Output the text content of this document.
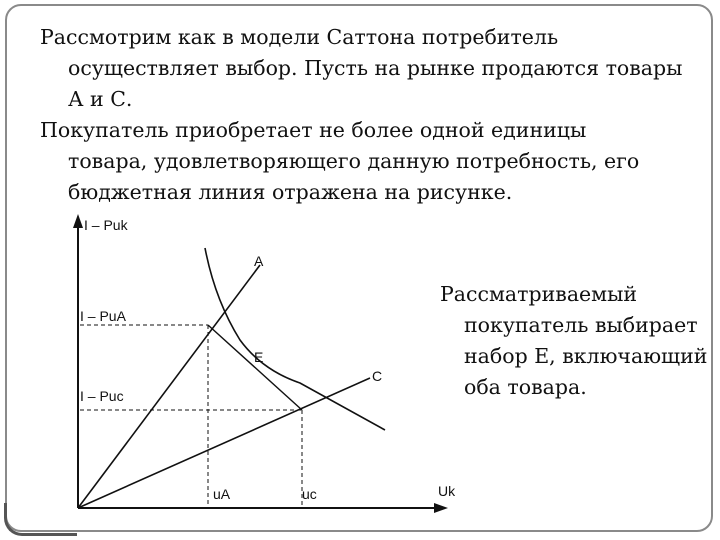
Рассмотрим как в модели Саттона потребитель
осуществляет выбор. Пусть на рынке продаются товары А и С.

Покупатель приобретает не более одной единицы
товара, удовлетворяющего данную потребность, его бюджетная линия отражена на рисунке.

I – Puk
Uk
I – PuA
I – Puc
uA	uc
A
C
E
Рассматриваемый
покупатель выбирает набор Е, включающий оба товара.
